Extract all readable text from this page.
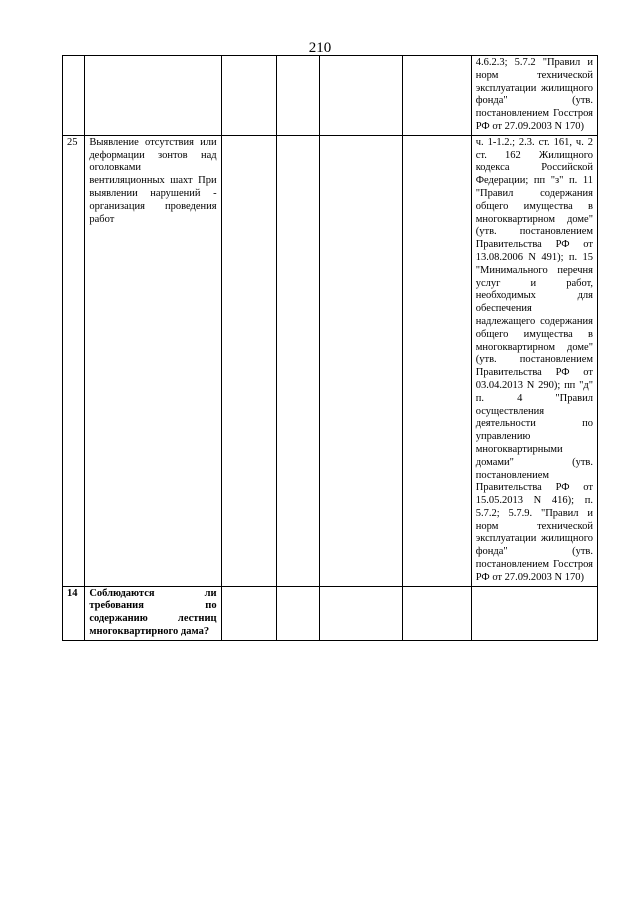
210
						4.6.2.3; 5.7.2 "Правил и норм технической эксплуатации жилищного фонда" (утв. постановлением Госстроя РФ от 27.09.2003 N 170)
25	Выявление отсутствия или деформации зонтов над оголовками вентиляционных шахт При выявлении нарушений - организация проведения работ					ч. 1-1.2.; 2.3. ст. 161, ч. 2 ст. 162 Жилищного кодекса Российской Федерации; пп "з" п. 11 "Правил содержания общего имущества в многоквартирном доме" (утв. постановлением Правительства РФ от 13.08.2006 N 491); п. 15 "Минимального перечня услуг и работ, необходимых для обеспечения надлежащего содержания общего имущества в многоквартирном доме" (утв. постановлением Правительства РФ от 03.04.2013 N 290); пп "д" п. 4 "Правил осуществления деятельности по управлению многоквартирными домами" (утв. постановлением Правительства РФ от 15.05.2013 N 416); п. 5.7.2; 5.7.9. "Правил и норм технической эксплуатации жилищного фонда" (утв. постановлением Госстроя РФ от 27.09.2003 N 170)
14	Соблюдаются ли требования по содержанию лестниц многоквартирного дама?					
